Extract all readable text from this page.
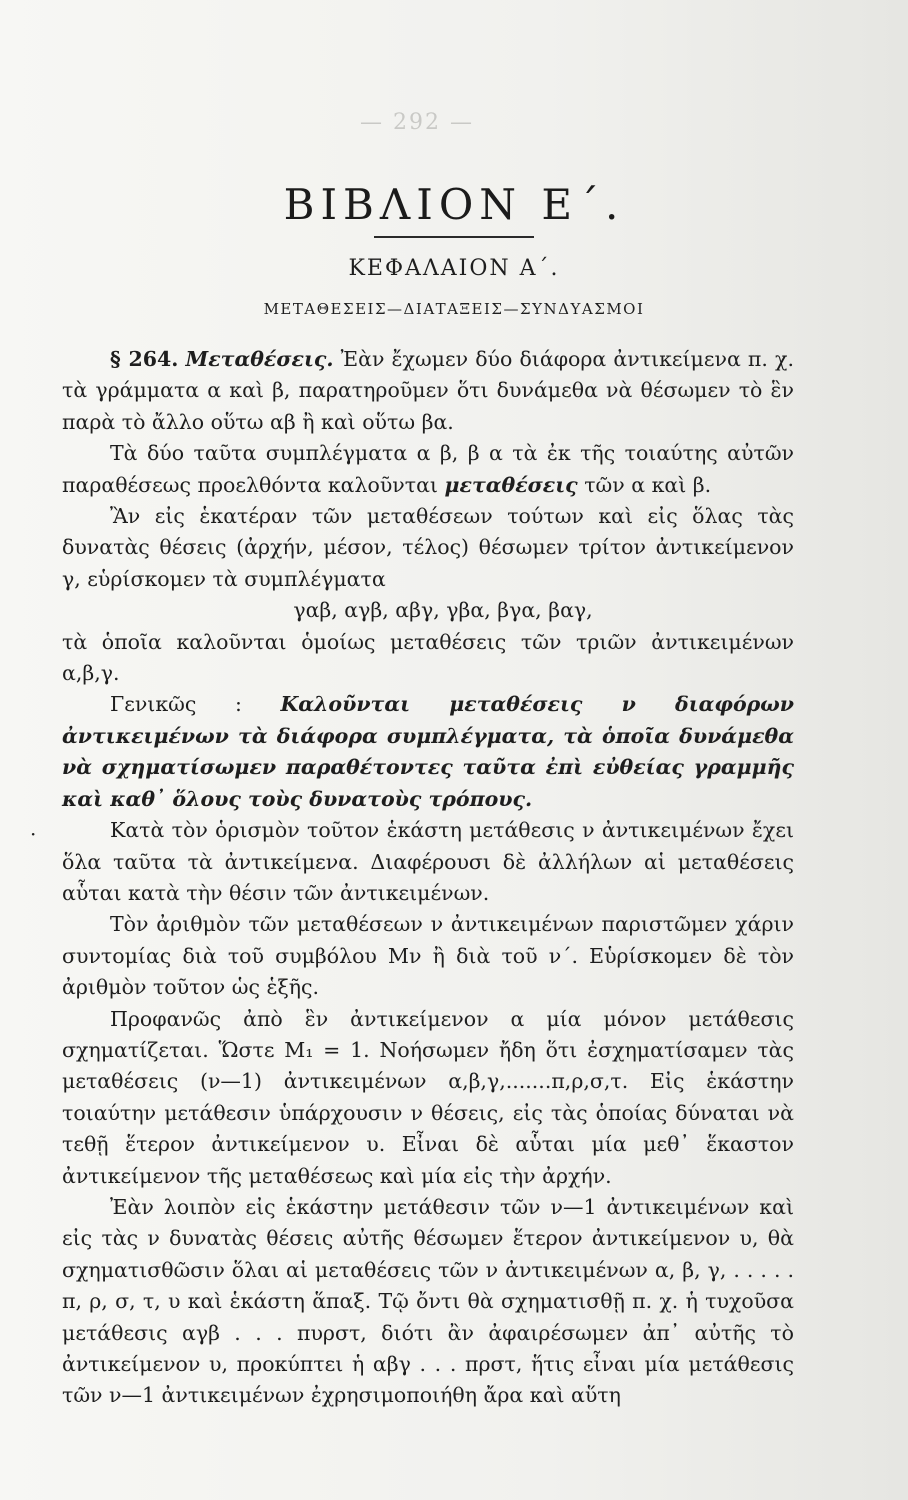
— 292 —
ΒΙΒΛΙΟΝ Ε΄.
ΚΕΦΑΛΑΙΟΝ Α΄.
ΜΕΤΑΘΕΣΕΙΣ—ΔΙΑΤΑΞΕΙΣ—ΣΥΝΔΥΑΣΜΟΙ
·

§ 264. Μεταθέσεις. Ἐὰν ἔχωμεν δύο διάφορα ἀντικείμενα π. χ. τὰ γράμματα α καὶ β, παρατηροῦμεν ὅτι δυνάμεθα νὰ θέσωμεν τὸ ἓν παρὰ τὸ ἄλλο οὕτω αβ ἢ καὶ οὕτω βα.

Τὰ δύο ταῦτα συμπλέγματα α β, β α τὰ ἐκ τῆς τοιαύτης αὐτῶν παραθέσεως προελθόντα καλοῦνται μεταθέσεις τῶν α καὶ β.

Ἂν εἰς ἑκατέραν τῶν μεταθέσεων τούτων καὶ εἰς ὅλας τὰς δυνατὰς θέσεις (ἀρχήν, μέσον, τέλος) θέσωμεν τρίτον ἀντικείμενον γ, εὑρίσκομεν τὰ συμπλέγματα

γαβ, αγβ, αβγ, γβα, βγα, βαγ,

τὰ ὁποῖα καλοῦνται ὁμοίως μεταθέσεις τῶν τριῶν ἀντικειμένων α,β,γ.

Γενικῶς : Καλοῦνται μεταθέσεις ν διαφόρων ἀντικειμένων τὰ διάφορα συμπλέγματα, τὰ ὁποῖα δυνάμεθα νὰ σχηματίσωμεν παραθέτοντες ταῦτα ἐπὶ εὐθείας γραμμῆς καὶ καθ᾽ ὅλους τοὺς δυνατοὺς τρόπους.

Κατὰ τὸν ὁρισμὸν τοῦτον ἑκάστη μετάθεσις ν ἀντικειμένων ἔχει ὅλα ταῦτα τὰ ἀντικείμενα. Διαφέρουσι δὲ ἀλλήλων αἱ μεταθέσεις αὗται κατὰ τὴν θέσιν τῶν ἀντικειμένων.

Τὸν ἀριθμὸν τῶν μεταθέσεων ν ἀντικειμένων παριστῶμεν χάριν συντομίας διὰ τοῦ συμβόλου Mν ἢ διὰ τοῦ ν΄. Εὑρίσκομεν δὲ τὸν ἀριθμὸν τοῦτον ὡς ἑξῆς.

Προφανῶς ἀπὸ ἓν ἀντικείμενον α μία μόνον μετάθεσις σχηματίζεται. Ὥστε M₁ = 1. Νοήσωμεν ἤδη ὅτι ἐσχηματίσαμεν τὰς μεταθέσεις (ν—1) ἀντικειμένων α,β,γ,.......π,ρ,σ,τ. Εἰς ἑκάστην τοιαύτην μετάθεσιν ὑπάρχουσιν ν θέσεις, εἰς τὰς ὁποίας δύναται νὰ τεθῇ ἕτερον ἀντικείμενον υ. Εἶναι δὲ αὗται μία μεθ᾽ ἕκαστον ἀντικείμενον τῆς μεταθέσεως καὶ μία εἰς τὴν ἀρχήν.

Ἐὰν λοιπὸν εἰς ἑκάστην μετάθεσιν τῶν ν—1 ἀντικειμένων καὶ εἰς τὰς ν δυνατὰς θέσεις αὐτῆς θέσωμεν ἕτερον ἀντικείμενον υ, θὰ σχηματισθῶσιν ὅλαι αἱ μεταθέσεις τῶν ν ἀντικειμένων α, β, γ, . . . . . π, ρ, σ, τ, υ καὶ ἑκάστη ἅπαξ. Τῷ ὄντι θὰ σχηματισθῇ π. χ. ἡ τυχοῦσα μετάθεσις αγβ . . . πυρστ, διότι ἂν ἀφαιρέσωμεν ἀπ᾽ αὐτῆς τὸ ἀντικείμενον υ, προκύπτει ἡ αβγ . . . πρστ, ἥτις εἶναι μία μετάθεσις τῶν ν—1 ἀντικειμένων ἐχρησιμοποιήθη ἄρα καὶ αὕτη
